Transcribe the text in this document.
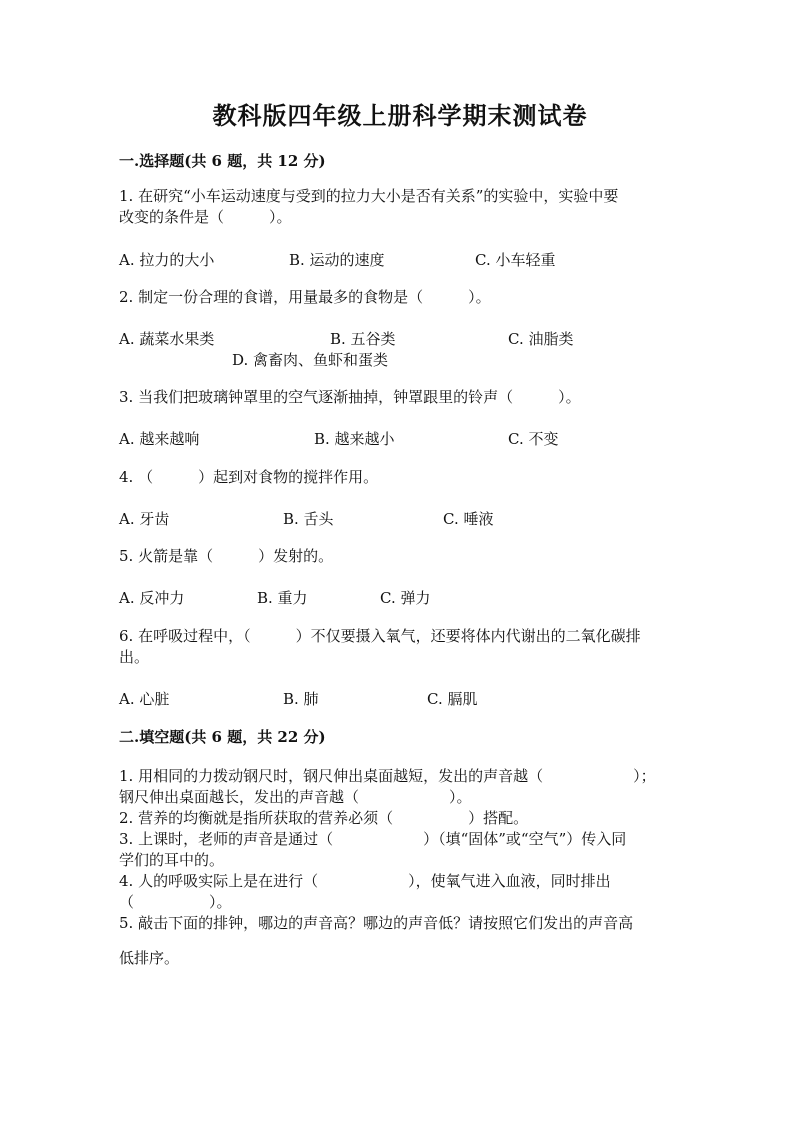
教科版四年级上册科学期末测试卷
一.选择题(共 6 题，共 12 分)
1. 在研究“小车运动速度与受到的拉力大小是否有关系”的实验中，实验中要
改变的条件是（　　　）。
A. 拉力的大小	B. 运动的速度	C. 小车轻重
2. 制定一份合理的食谱，用量最多的食物是（　　　）。
A. 蔬菜水果类	B. 五谷类	C. 油脂类
D. 禽畜肉、鱼虾和蛋类
3. 当我们把玻璃钟罩里的空气逐渐抽掉，钟罩跟里的铃声（　　　）。
A. 越来越响	B. 越来越小	C. 不变
4. （　　　）起到对食物的搅拌作用。
A. 牙齿	B. 舌头	C. 唾液
5. 火箭是靠（　　　）发射的。
A. 反冲力	B. 重力	C. 弹力
6. 在呼吸过程中，（　　　）不仅要摄入氧气，还要将体内代谢出的二氧化碳排
出。
A. 心脏	B. 肺	C. 膈肌
二.填空题(共 6 题，共 22 分)
1. 用相同的力拨动钢尺时，钢尺伸出桌面越短，发出的声音越（　　　　　　）；
钢尺伸出桌面越长，发出的声音越（　　　　　　）。
2. 营养的均衡就是指所获取的营养必须（　　　　　）搭配。
3. 上课时，老师的声音是通过（　　　　　　）（填“固体”或“空气”）传入同
学们的耳中的。
4. 人的呼吸实际上是在进行（　　　　　　），使氧气进入血液，同时排出
（　　　　　）。
5. 敲击下面的排钟，哪边的声音高？哪边的声音低？请按照它们发出的声音高
低排序。
